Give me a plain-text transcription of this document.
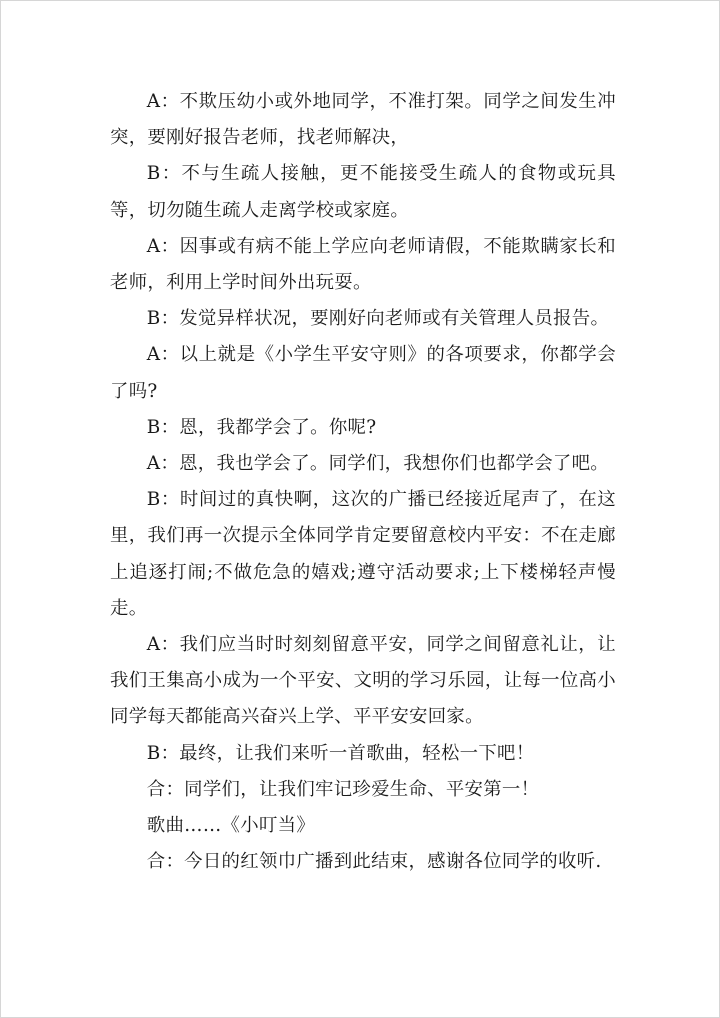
A：不欺压幼小或外地同学，不准打架。同学之间发生冲突，要刚好报告老师，找老师解决，

B：不与生疏人接触，更不能接受生疏人的食物或玩具等，切勿随生疏人走离学校或家庭。

A：因事或有病不能上学应向老师请假，不能欺瞒家长和老师，利用上学时间外出玩耍。

B：发觉异样状况，要刚好向老师或有关管理人员报告。

A：以上就是《小学生平安守则》的各项要求，你都学会了吗?

B：恩，我都学会了。你呢?

A：恩，我也学会了。同学们，我想你们也都学会了吧。

B：时间过的真快啊，这次的广播已经接近尾声了，在这里，我们再一次提示全体同学肯定要留意校内平安：不在走廊上追逐打闹;不做危急的嬉戏;遵守活动要求;上下楼梯轻声慢走。

A：我们应当时时刻刻留意平安，同学之间留意礼让，让我们王集高小成为一个平安、文明的学习乐园，让每一位高小同学每天都能高兴奋兴上学、平平安安回家。

B：最终，让我们来听一首歌曲，轻松一下吧！

合：同学们，让我们牢记珍爱生命、平安第一！

歌曲……《小叮当》

合：今日的红领巾广播到此结束，感谢各位同学的收听.
